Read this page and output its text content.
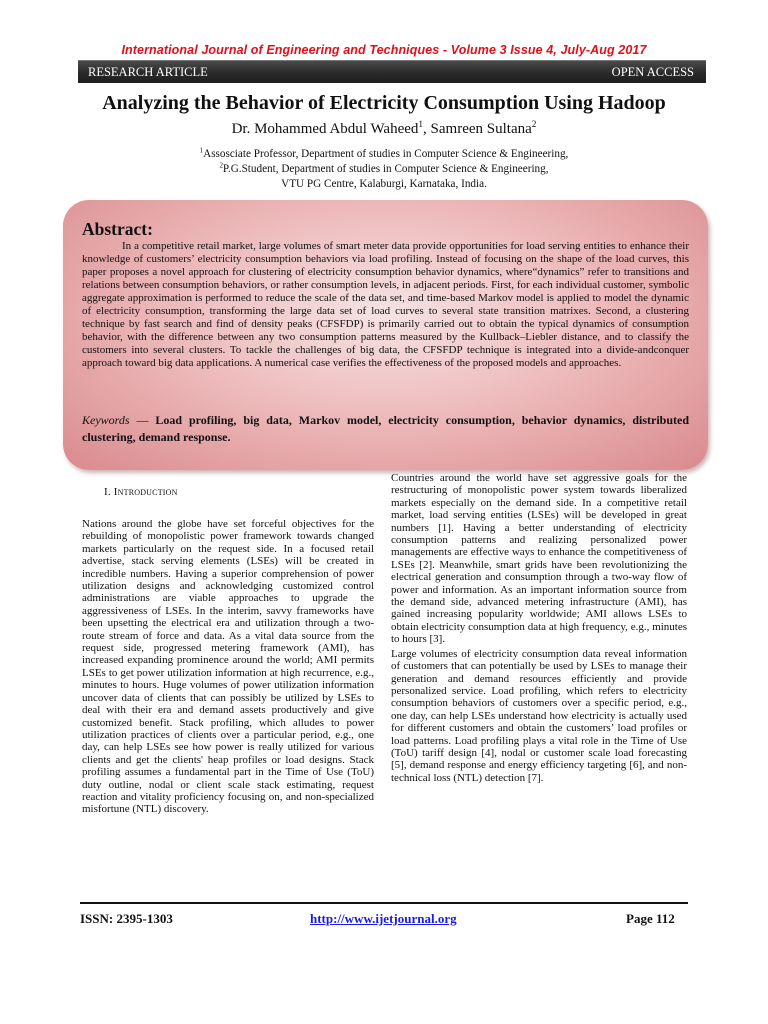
International Journal of Engineering and Techniques - Volume 3 Issue 4, July-Aug 2017
RESEARCH ARTICLE	OPEN ACCESS
Analyzing the Behavior of Electricity Consumption Using Hadoop
Dr. Mohammed Abdul Waheed$^1$, Samreen Sultana$^2$
$^1$Assosciate Professor, Department of studies in Computer Science & Engineering,
$^2$P.G.Student, Department of studies in Computer Science & Engineering,
VTU PG Centre, Kalaburgi, Karnataka, India.
Abstract:

In a competitive retail market, large volumes of smart meter data provide opportunities for load serving entities to enhance their knowledge of customers’ electricity consumption behaviors via load profiling. Instead of focusing on the shape of the load curves, this paper proposes a novel approach for clustering of electricity consumption behavior dynamics, where“dynamics” refer to transitions and relations between consumption behaviors, or rather consumption levels, in adjacent periods. First, for each individual customer, symbolic aggregate approximation is performed to reduce the scale of the data set, and time-based Markov model is applied to model the dynamic of electricity consumption, transforming the large data set of load curves to several state transition matrixes. Second, a clustering technique by fast search and find of density peaks (CFSFDP) is primarily carried out to obtain the typical dynamics of consumption behavior, with the difference between any two consumption patterns measured by the Kullback–Liebler distance, and to classify the customers into several clusters. To tackle the challenges of big data, the CFSFDP technique is integrated into a divide-andconquer approach toward big data applications. A numerical case verifies the effectiveness of the proposed models and approaches.

Keywords — Load profiling, big data, Markov model, electricity consumption, behavior dynamics, distributed clustering, demand response.

I. Introduction

Nations around the globe have set forceful objectives for the rebuilding of monopolistic power framework towards changed markets particularly on the request side. In a focused retail advertise, stack serving elements (LSEs) will be created in incredible numbers. Having a superior comprehension of power utilization designs and acknowledging customized control administrations are viable approaches to upgrade the aggressiveness of LSEs. In the interim, savvy frameworks have been upsetting the electrical era and utilization through a two-route stream of force and data. As a vital data source from the request side, progressed metering framework (AMI), has increased expanding prominence around the world; AMI permits LSEs to get power utilization information at high recurrence, e.g., minutes to hours. Huge volumes of power utilization information uncover data of clients that can possibly be utilized by LSEs to deal with their era and demand assets productively and give customized benefit. Stack profiling, which alludes to power utilization practices of clients over a particular period, e.g., one day, can help LSEs see how power is really utilized for various clients and get the clients' heap profiles or load designs. Stack profiling assumes a fundamental part in the Time of Use (ToU) duty outline, nodal or client scale stack estimating, request reaction and vitality proficiency focusing on, and non-specialized misfortune (NTL) discovery.

Countries around the world have set aggressive goals for the restructuring of monopolistic power system towards liberalized markets especially on the demand side. In a competitive retail market, load serving entities (LSEs) will be developed in great numbers [1]. Having a better understanding of electricity consumption patterns and realizing personalized power managements are effective ways to enhance the competitiveness of LSEs [2]. Meanwhile, smart grids have been revolutionizing the electrical generation and consumption through a two-way flow of power and information. As an important information source from the demand side, advanced metering infrastructure (AMI), has gained increasing popularity worldwide; AMI allows LSEs to obtain electricity consumption data at high frequency, e.g., minutes to hours [3].

Large volumes of electricity consumption data reveal information of customers that can potentially be used by LSEs to manage their generation and demand resources efficiently and provide personalized service. Load profiling, which refers to electricity consumption behaviors of customers over a specific period, e.g., one day, can help LSEs understand how electricity is actually used for different customers and obtain the customers’ load profiles or load patterns. Load profiling plays a vital role in the Time of Use (ToU) tariff design [4], nodal or customer scale load forecasting [5], demand response and energy efficiency targeting [6], and non-technical loss (NTL) detection [7].

ISSN: 2395-1303	http://www.ijetjournal.org	Page 112
